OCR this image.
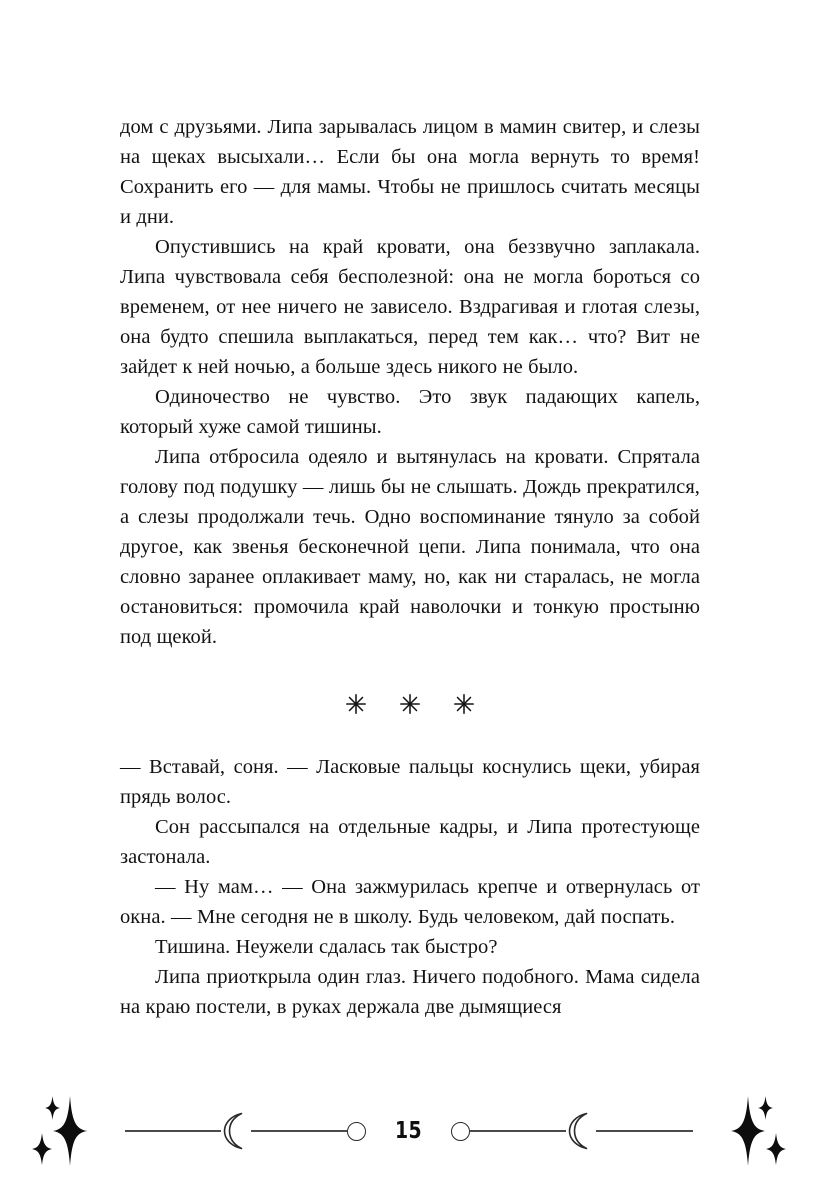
дом с друзьями. Липа зарывалась лицом в мамин свитер, и слезы на щеках высыхали… Если бы она могла вернуть то время! Сохранить его — для мамы. Чтобы не пришлось считать месяцы и дни.

Опустившись на край кровати, она беззвучно заплакала. Липа чувствовала себя бесполезной: она не могла бороться со временем, от нее ничего не зависело. Вздрагивая и глотая слезы, она будто спешила выплакаться, перед тем как… что? Вит не зайдет к ней ночью, а больше здесь никого не было.

Одиночество не чувство. Это звук падающих капель, который хуже самой тишины.

Липа отбросила одеяло и вытянулась на кровати. Спрятала голову под подушку — лишь бы не слышать. Дождь прекратился, а слезы продолжали течь. Одно воспоминание тянуло за собой другое, как звенья бесконечной цепи. Липа понимала, что она словно заранее оплакивает маму, но, как ни старалась, не могла остановиться: промочила край наволочки и тонкую простыню под щекой.

— Вставай, соня. — Ласковые пальцы коснулись щеки, убирая прядь волос.

Сон рассыпался на отдельные кадры, и Липа протестующе застонала.

— Ну мам… — Она зажмурилась крепче и отвернулась от окна. — Мне сегодня не в школу. Будь человеком, дай поспать.

Тишина. Неужели сдалась так быстро?

Липа приоткрыла один глаз. Ничего подобного. Мама сидела на краю постели, в руках держала две дымящиеся

15
